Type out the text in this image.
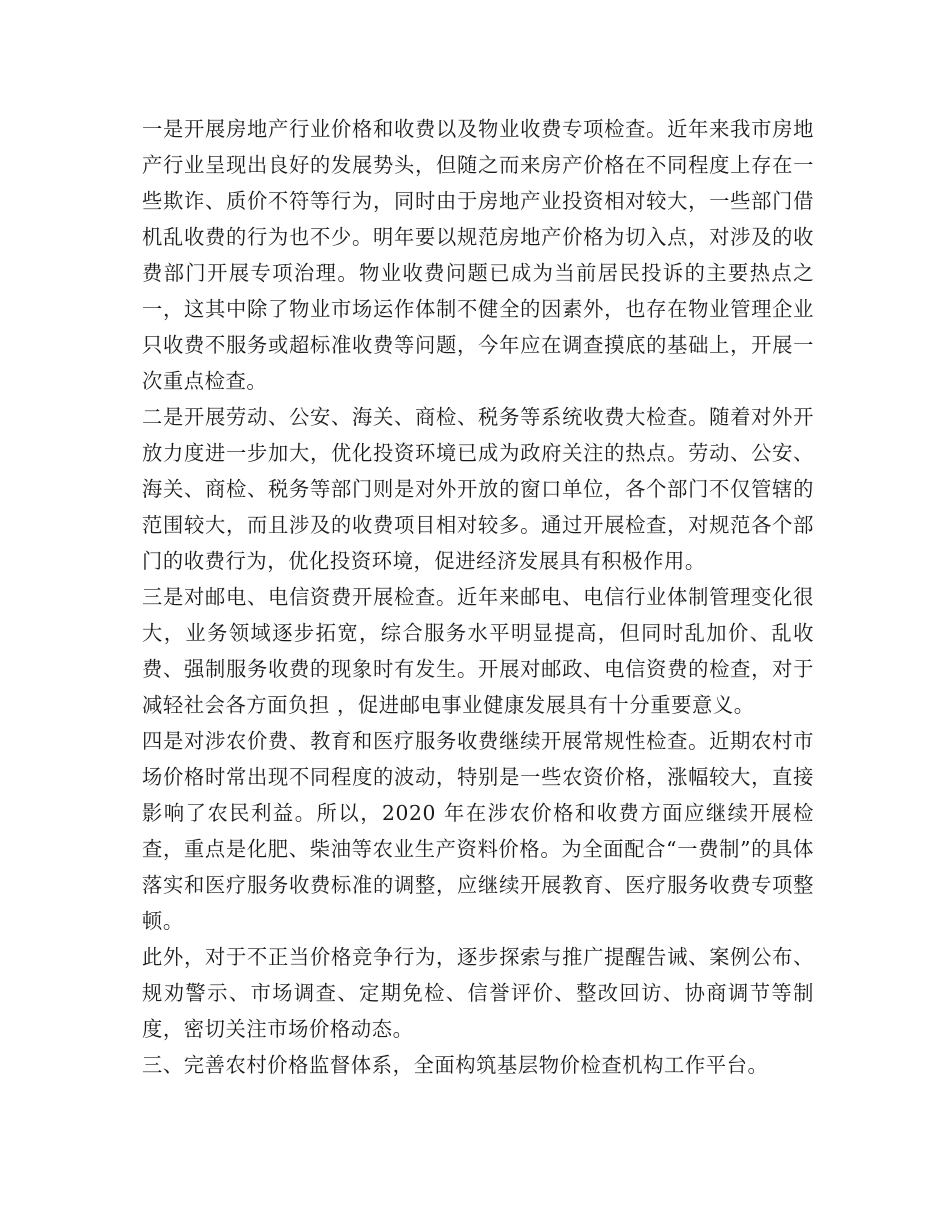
一是开展房地产行业价格和收费以及物业收费专项检查。近年来我市房地产行业呈现出良好的发展势头，但随之而来房产价格在不同程度上存在一些欺诈、质价不符等行为，同时由于房地产业投资相对较大，一些部门借机乱收费的行为也不少。明年要以规范房地产价格为切入点，对涉及的收费部门开展专项治理。物业收费问题已成为当前居民投诉的主要热点之一，这其中除了物业市场运作体制不健全的因素外，也存在物业管理企业只收费不服务或超标准收费等问题，今年应在调查摸底的基础上，开展一次重点检查。

二是开展劳动、公安、海关、商检、税务等系统收费大检查。随着对外开放力度进一步加大，优化投资环境已成为政府关注的热点。劳动、公安、海关、商检、税务等部门则是对外开放的窗口单位，各个部门不仅管辖的范围较大，而且涉及的收费项目相对较多。通过开展检查，对规范各个部门的收费行为，优化投资环境，促进经济发展具有积极作用。

三是对邮电、电信资费开展检查。近年来邮电、电信行业体制管理变化很大，业务领域逐步拓宽，综合服务水平明显提高，但同时乱加价、乱收费、强制服务收费的现象时有发生。开展对邮政、电信资费的检查，对于减轻社会各方面负担 ，促进邮电事业健康发展具有十分重要意义。

四是对涉农价费、教育和医疗服务收费继续开展常规性检查。近期农村市场价格时常出现不同程度的波动，特别是一些农资价格，涨幅较大，直接影响了农民利益。所以，2020 年在涉农价格和收费方面应继续开展检查，重点是化肥、柴油等农业生产资料价格。为全面配合“一费制”的具体落实和医疗服务收费标准的调整，应继续开展教育、医疗服务收费专项整顿。

此外，对于不正当价格竞争行为，逐步探索与推广提醒告诫、案例公布、规劝警示、市场调查、定期免检、信誉评价、整改回访、协商调节等制度，密切关注市场价格动态。

三、完善农村价格监督体系，全面构筑基层物价检查机构工作平台。
